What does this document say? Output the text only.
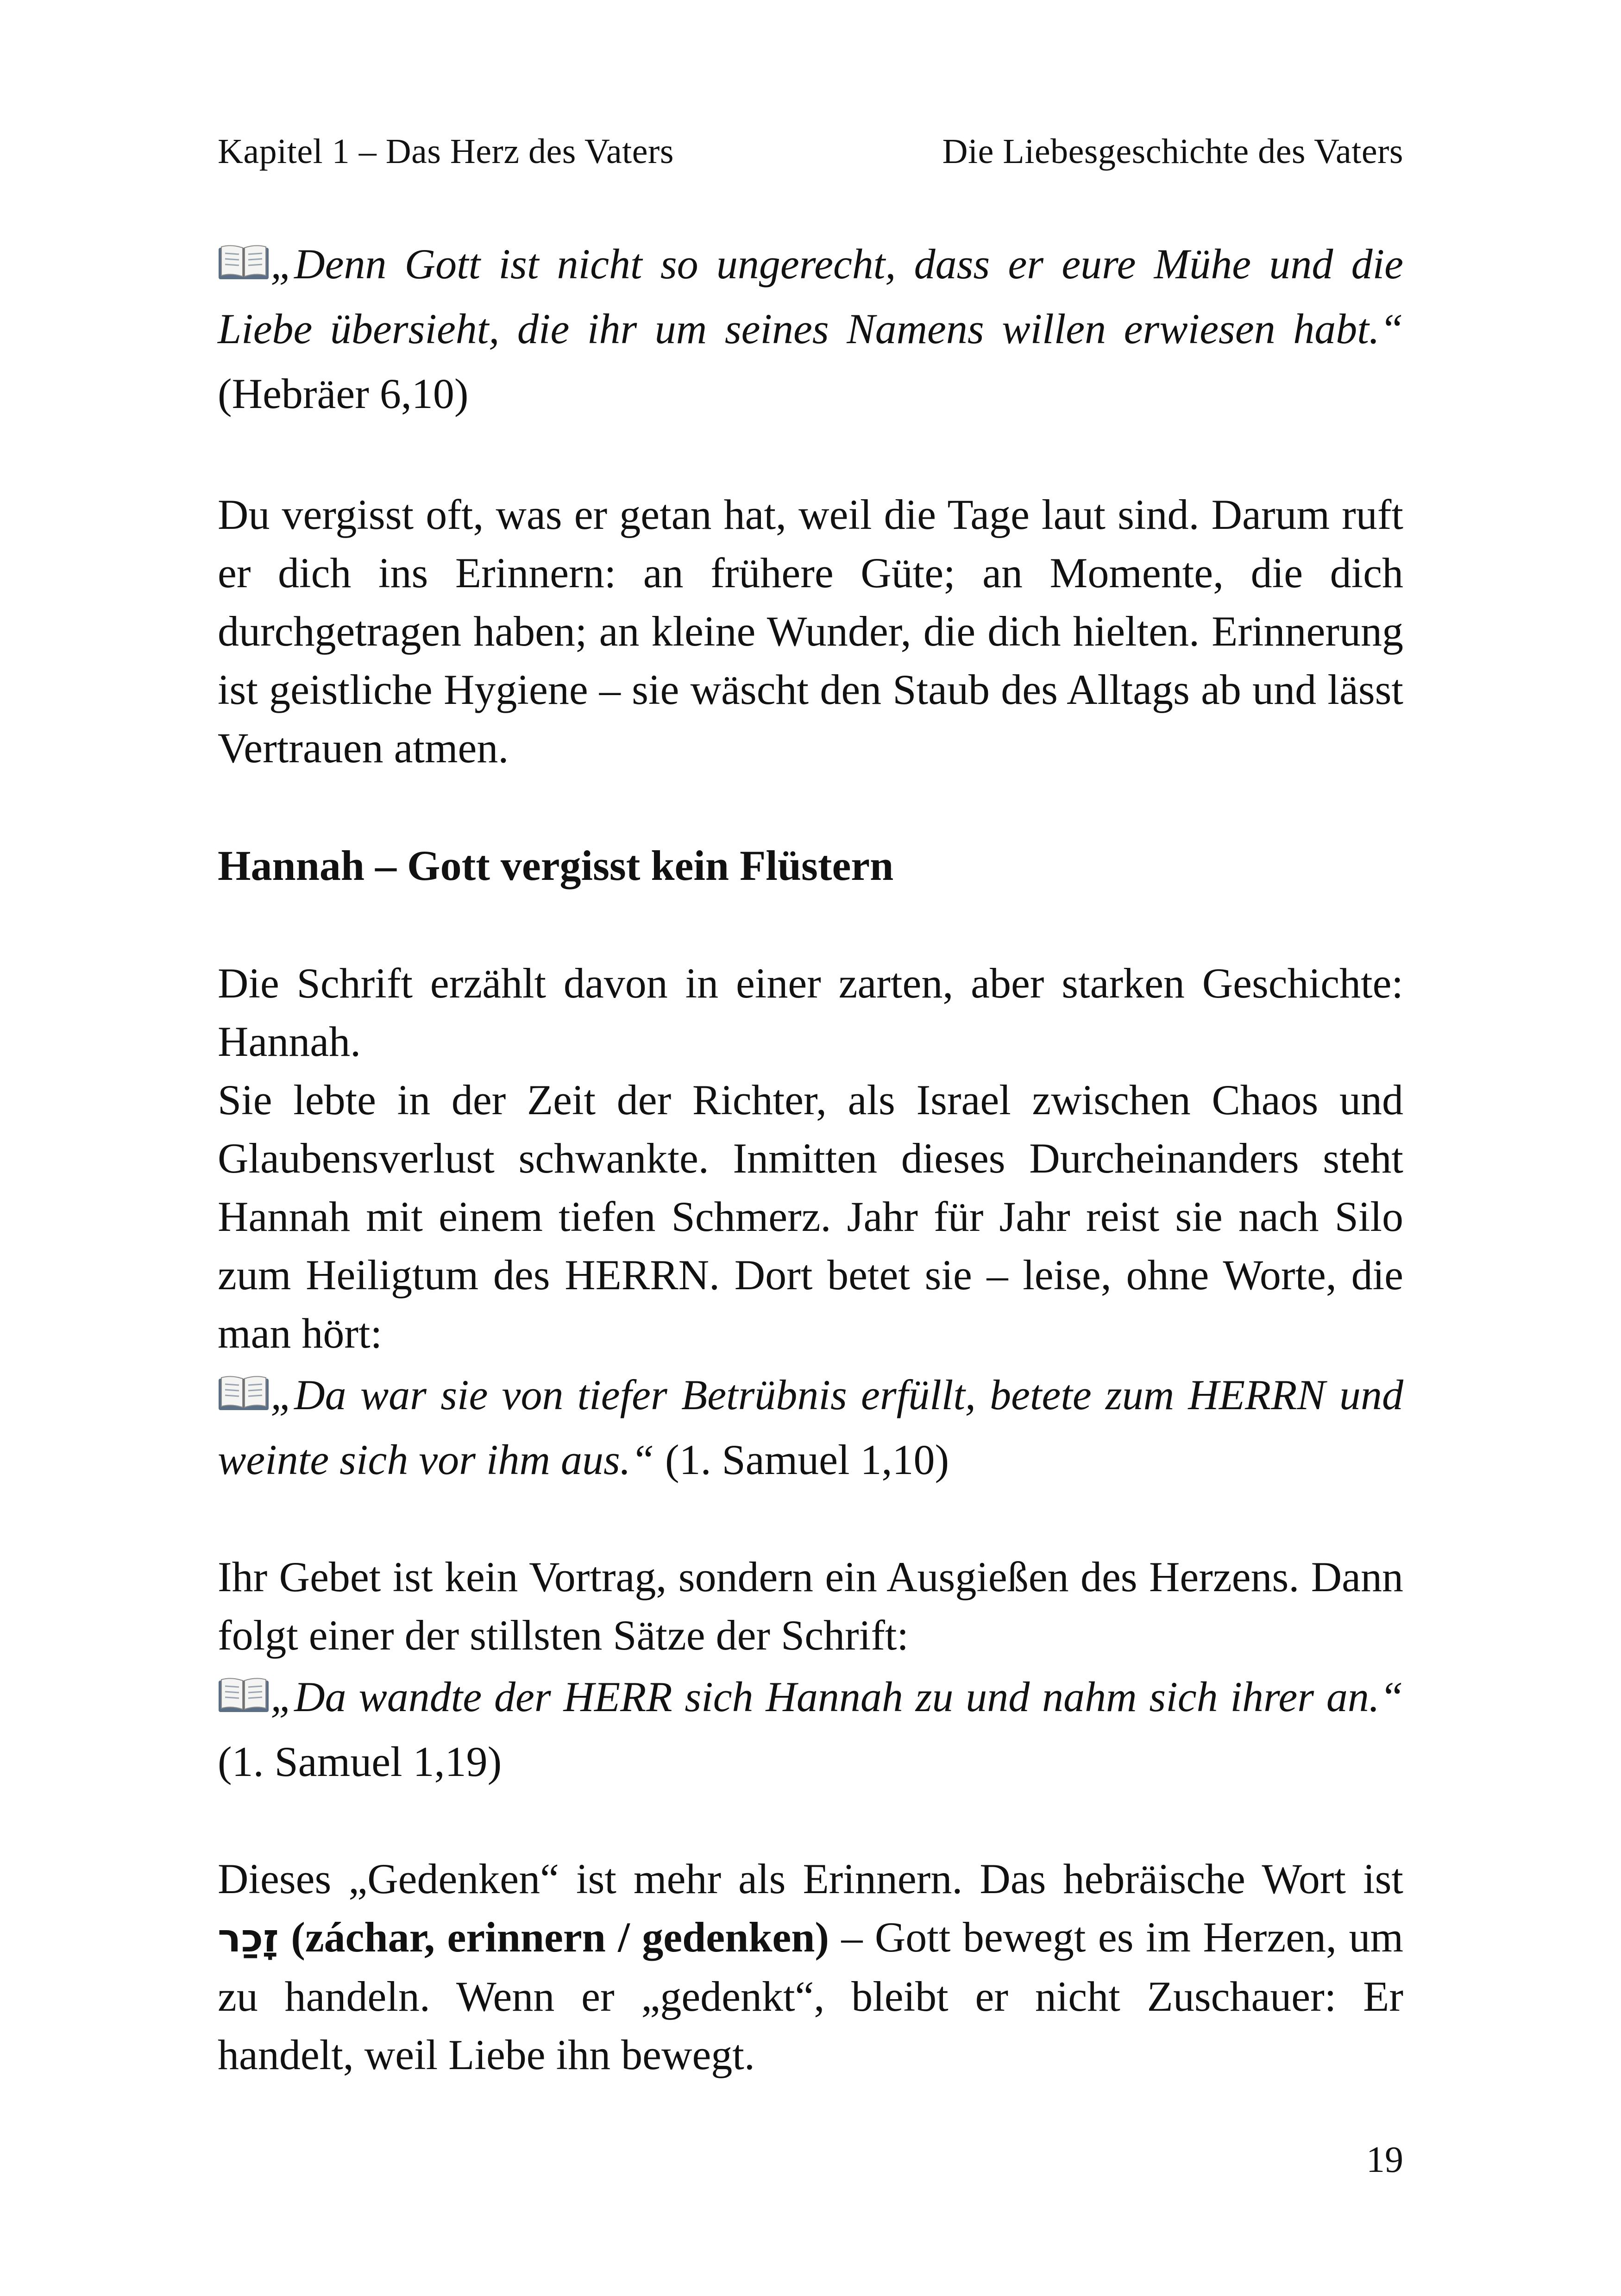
Kapitel 1 – Das Herz des Vaters	Die Liebesgeschichte des Vaters

„Denn Gott ist nicht so ungerecht, dass er eure Mühe und die Liebe übersieht, die ihr um seines Namens willen erwiesen habt.“ (Hebräer 6,10)

Du vergisst oft, was er getan hat, weil die Tage laut sind. Darum ruft er dich ins Erinnern: an frühere Güte; an Momente, die dich durchgetragen haben; an kleine Wunder, die dich hielten. Erinnerung ist geistliche Hygiene – sie wäscht den Staub des Alltags ab und lässt Vertrauen atmen.

Hannah – Gott vergisst kein Flüstern

Die Schrift erzählt davon in einer zarten, aber starken Geschichte: Hannah.

Sie lebte in der Zeit der Richter, als Israel zwischen Chaos und Glaubensverlust schwankte. Inmitten dieses Durcheinanders steht Hannah mit einem tiefen Schmerz. Jahr für Jahr reist sie nach Silo zum Heiligtum des HERRN. Dort betet sie – leise, ohne Worte, die man hört:

„Da war sie von tiefer Betrübnis erfüllt, betete zum HERRN und weinte sich vor ihm aus.“ (1. Samuel 1,10)

Ihr Gebet ist kein Vortrag, sondern ein Ausgießen des Herzens. Dann folgt einer der stillsten Sätze der Schrift:

„Da wandte der HERR sich Hannah zu und nahm sich ihrer an.“ (1. Samuel 1,19)

Dieses „Gedenken“ ist mehr als Erinnern. Das hebräische Wort ist זָכַר (záchar, erinnern / gedenken) – Gott bewegt es im Herzen, um zu handeln. Wenn er „gedenkt“, bleibt er nicht Zuschauer: Er handelt, weil Liebe ihn bewegt.

19
